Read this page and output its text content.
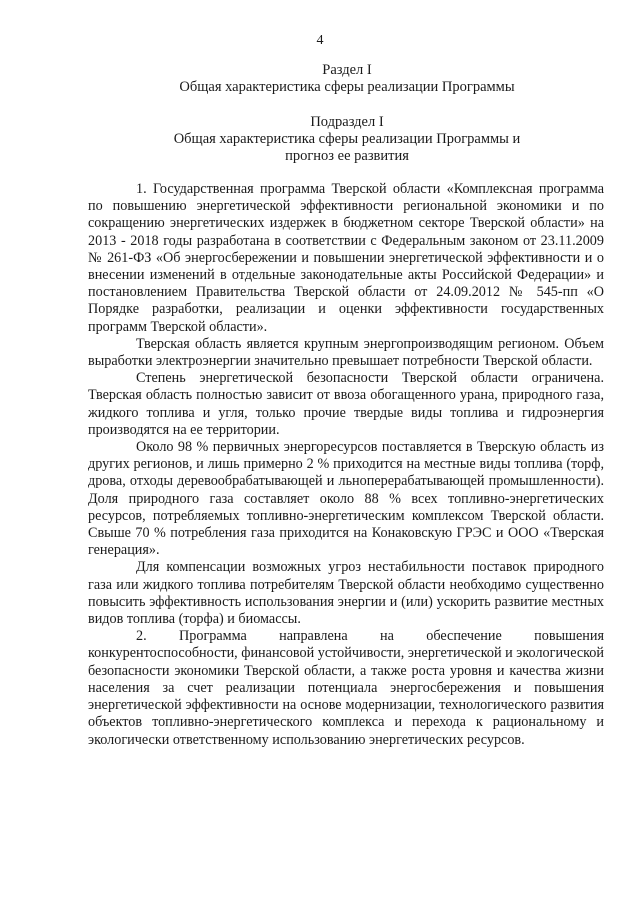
4

Раздел I

Общая характеристика сферы реализации Программы

Подраздел I

Общая характеристика сферы реализации Программы и

прогноз ее развития

1. Государственная программа Тверской области «Комплексная программа по повышению энергетической эффективности региональной экономики и по сокращению энергетических издержек в бюджетном секторе Тверской области» на 2013 - 2018 годы разработана в соответствии с Федеральным законом от 23.11.2009 № 261-ФЗ «Об энергосбережении и повышении энергетической эффективности и о внесении изменений в отдельные законодательные акты Российской Федерации» и постановлением Правительства Тверской области от 24.09.2012 № 545-пп «О Порядке разработки, реализации и оценки эффективности государственных программ Тверской области».

Тверская область является крупным энергопроизводящим регионом. Объем выработки электроэнергии значительно превышает потребности Тверской области.

Степень энергетической безопасности Тверской области ограничена. Тверская область полностью зависит от ввоза обогащенного урана, природного газа, жидкого топлива и угля, только прочие твердые виды топлива и гидроэнергия производятся на ее территории.

Около 98 % первичных энергоресурсов поставляется в Тверскую область из других регионов, и лишь примерно 2 % приходится на местные виды топлива (торф, дрова, отходы деревообрабатывающей и льноперерабатывающей промышленности). Доля природного газа составляет около 88 % всех топливно-энергетических ресурсов, потребляемых топливно-энергетическим комплексом Тверской области. Свыше 70 % потребления газа приходится на Конаковскую ГРЭС и ООО «Тверская генерация».

Для компенсации возможных угроз нестабильности поставок природного газа или жидкого топлива потребителям Тверской области необходимо существенно повысить эффективность использования энергии и (или) ускорить развитие местных видов топлива (торфа) и биомассы.

2. Программа направлена на обеспечение повышения конкурентоспособности, финансовой устойчивости, энергетической и экологической безопасности экономики Тверской области, а также роста уровня и качества жизни населения за счет реализации потенциала энергосбережения и повышения энергетической эффективности на основе модернизации, технологического развития объектов топливно-энергетического комплекса и перехода к рациональному и экологически ответственному использованию энергетических ресурсов.
